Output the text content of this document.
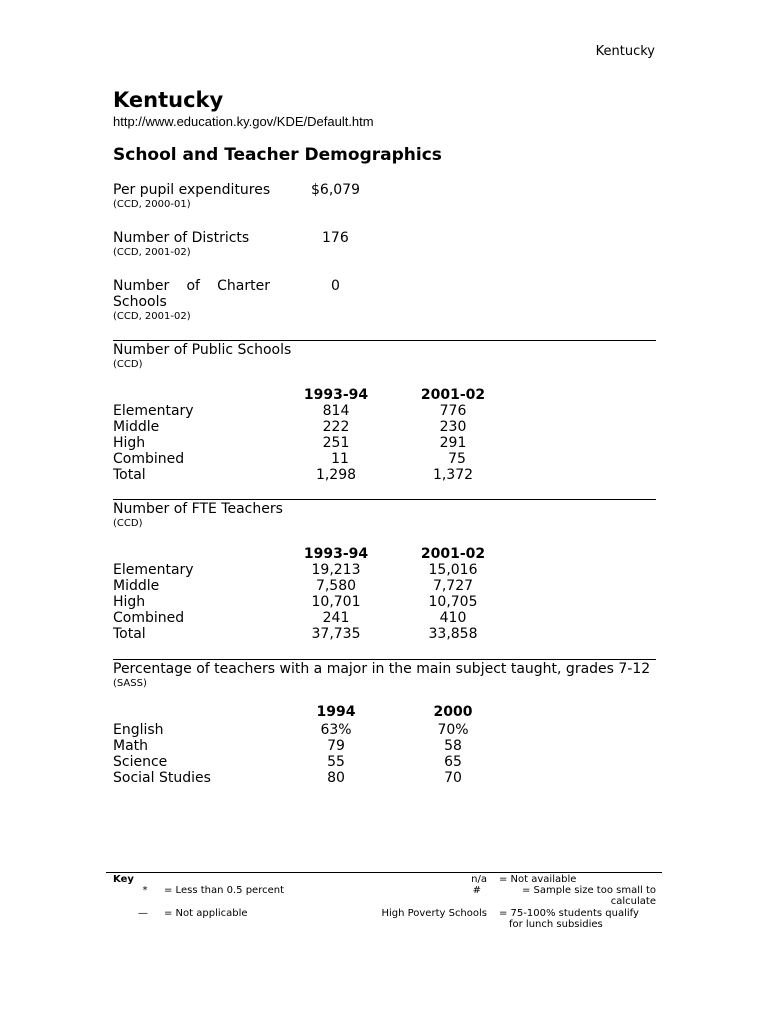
Kentucky
Kentucky
http://www.education.ky.gov/KDE/Default.htm
School and Teacher Demographics
Per pupil expenditures
(CCD, 2000-01)
$6,079
Number of Districts
(CCD, 2001-02)
176
Number of Charter
Schools
(CCD, 2001-02)
0
Number of Public Schools
(CCD)
1993-94	2001-02
Elementary	814	776
Middle	222	230
High	251	291
Combined	11	75
Total	1,298	1,372
Number of FTE Teachers
(CCD)
1993-94	2001-02
Elementary	19,213	15,016
Middle	7,580	7,727
High	10,701	10,705
Combined	241	410
Total	37,735	33,858
Percentage of teachers with a major in the main subject taught, grades 7-12
(SASS)
1994	2000
English	63%	70%
Math	79	58
Science	55	65
Social Studies	80	70
Key
* = Less than 0.5 percent
— = Not applicable
n/a = Not available
#	= Sample size too small to
calculate
High Poverty Schools = 75-100% students qualify
for lunch subsidies
